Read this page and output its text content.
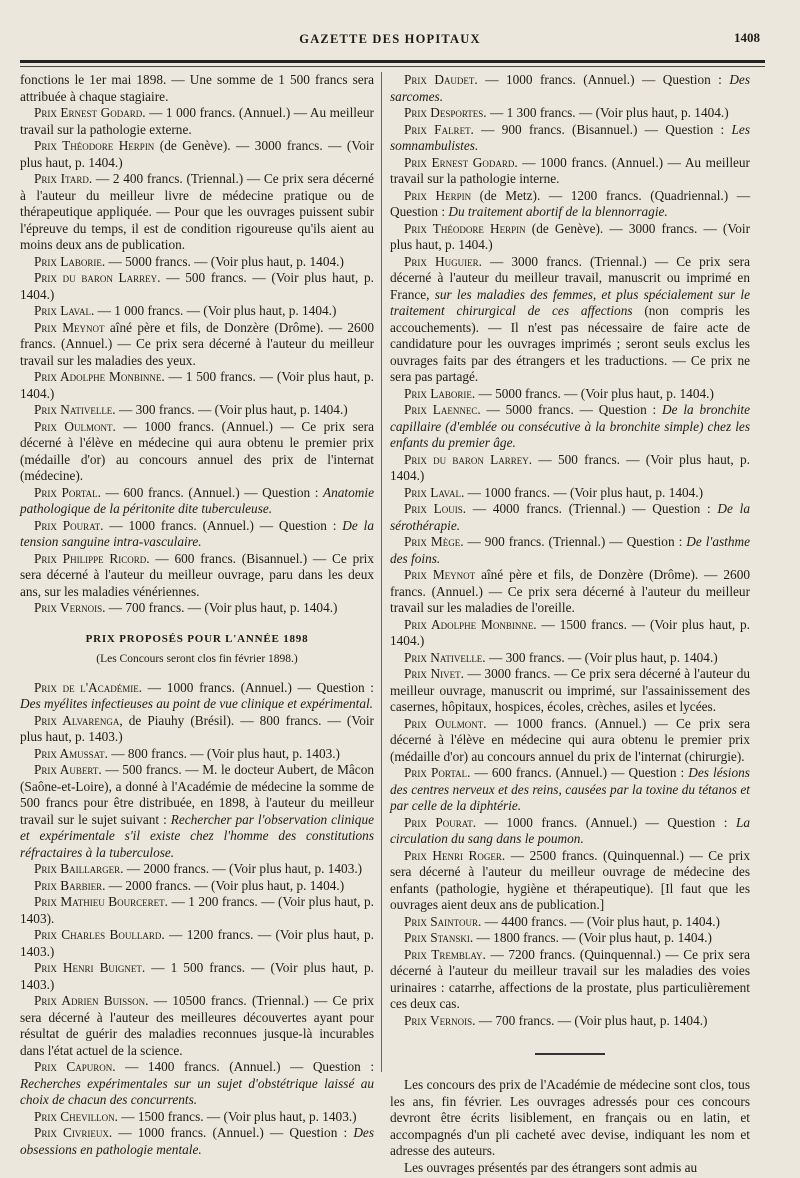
GAZETTE DES HOPITAUX	1408

fonctions le 1er mai 1898. — Une somme de 1 500 francs sera attribuée à chaque stagiaire.

Prix Ernest Godard. — 1 000 francs. (Annuel.) — Au meilleur travail sur la pathologie externe.

Prix Théodore Herpin (de Genève). — 3000 francs. — (Voir plus haut, p. 1404.)

Prix Itard. — 2 400 francs. (Triennal.) — Ce prix sera décerné à l'auteur du meilleur livre de médecine pratique ou de thérapeutique appliquée. — Pour que les ouvrages puissent subir l'épreuve du temps, il est de condition rigoureuse qu'ils aient au moins deux ans de publication.

Prix Laborie. — 5000 francs. — (Voir plus haut, p. 1404.)

Prix du baron Larrey. — 500 francs. — (Voir plus haut, p. 1404.)

Prix Laval. — 1 000 francs. — (Voir plus haut, p. 1404.)

Prix Meynot aîné père et fils, de Donzère (Drôme). — 2600 francs. (Annuel.) — Ce prix sera décerné à l'auteur du meilleur travail sur les maladies des yeux.

Prix Adolphe Monbinne. — 1 500 francs. — (Voir plus haut, p. 1404.)

Prix Nativelle. — 300 francs. — (Voir plus haut, p. 1404.)

Prix Oulmont. — 1000 francs. (Annuel.) — Ce prix sera décerné à l'élève en médecine qui aura obtenu le premier prix (médaille d'or) au concours annuel des prix de l'internat (médecine).

Prix Portal. — 600 francs. (Annuel.) — Question : Anatomie pathologique de la péritonite dite tuberculeuse.

Prix Pourat. — 1000 francs. (Annuel.) — Question : De la tension sanguine intra-vasculaire.

Prix Philippe Ricord. — 600 francs. (Bisannuel.) — Ce prix sera décerné à l'auteur du meilleur ouvrage, paru dans les deux ans, sur les maladies vénériennes.

Prix Vernois. — 700 francs. — (Voir plus haut, p. 1404.)

PRIX PROPOSÉS POUR L'ANNÉE 1898

(Les Concours seront clos fin février 1898.)

Prix de l'Académie. — 1000 francs. (Annuel.) — Question : Des myélites infectieuses au point de vue clinique et expérimental.

Prix Alvarenga, de Piauhy (Brésil). — 800 francs. — (Voir plus haut, p. 1403.)

Prix Amussat. — 800 francs. — (Voir plus haut, p. 1403.)

Prix Aubert. — 500 francs. — M. le docteur Aubert, de Mâcon (Saône-et-Loire), a donné à l'Académie de médecine la somme de 500 francs pour être distribuée, en 1898, à l'auteur du meilleur travail sur le sujet suivant : Rechercher par l'observation clinique et expérimentale s'il existe chez l'homme des constitutions réfractaires à la tuberculose.

Prix Baillarger. — 2000 francs. — (Voir plus haut, p. 1403.)

Prix Barbier. — 2000 francs. — (Voir plus haut, p. 1404.)

Prix Mathieu Bourceret. — 1 200 francs. — (Voir plus haut, p. 1403).

Prix Charles Boullard. — 1200 francs. — (Voir plus haut, p. 1403.)

Prix Henri Buignet. — 1 500 francs. — (Voir plus haut, p. 1403.)

Prix Adrien Buisson. — 10500 francs. (Triennal.) — Ce prix sera décerné à l'auteur des meilleures découvertes ayant pour résultat de guérir des maladies reconnues jusque-là incurables dans l'état actuel de la science.

Prix Capuron. — 1400 francs. (Annuel.) — Question : Recherches expérimentales sur un sujet d'obstétrique laissé au choix de chacun des concurrents.

Prix Chevillon. — 1500 francs. — (Voir plus haut, p. 1403.)

Prix Civrieux. — 1000 francs. (Annuel.) — Question : Des obsessions en pathologie mentale.

Prix Daudet. — 1000 francs. (Annuel.) — Question : Des sarcomes.

Prix Desportes. — 1 300 francs. — (Voir plus haut, p. 1404.)

Prix Falret. — 900 francs. (Bisannuel.) — Question : Les somnambulistes.

Prix Ernest Godard. — 1000 francs. (Annuel.) — Au meilleur travail sur la pathologie interne.

Prix Herpin (de Metz). — 1200 francs. (Quadriennal.) — Question : Du traitement abortif de la blennorragie.

Prix Théodore Herpin (de Genève). — 3000 francs. — (Voir plus haut, p. 1404.)

Prix Huguier. — 3000 francs. (Triennal.) — Ce prix sera décerné à l'auteur du meilleur travail, manuscrit ou imprimé en France, sur les maladies des femmes, et plus spécialement sur le traitement chirurgical de ces affections (non compris les accouchements). — Il n'est pas nécessaire de faire acte de candidature pour les ouvrages imprimés ; seront seuls exclus les ouvrages faits par des étrangers et les traductions. — Ce prix ne sera pas partagé.

Prix Laborie. — 5000 francs. — (Voir plus haut, p. 1404.)

Prix Laennec. — 5000 francs. — Question : De la bronchite capillaire (d'emblée ou consécutive à la bronchite simple) chez les enfants du premier âge.

Prix du baron Larrey. — 500 francs. — (Voir plus haut, p. 1404.)

Prix Laval. — 1000 francs. — (Voir plus haut, p. 1404.)

Prix Louis. — 4000 francs. (Triennal.) — Question : De la sérothérapie.

Prix Mège. — 900 francs. (Triennal.) — Question : De l'asthme des foins.

Prix Meynot aîné père et fils, de Donzère (Drôme). — 2600 francs. (Annuel.) — Ce prix sera décerné à l'auteur du meilleur travail sur les maladies de l'oreille.

Prix Adolphe Monbinne. — 1500 francs. — (Voir plus haut, p. 1404.)

Prix Nativelle. — 300 francs. — (Voir plus haut, p. 1404.)

Prix Nivet. — 3000 francs. — Ce prix sera décerné à l'auteur du meilleur ouvrage, manuscrit ou imprimé, sur l'assainissement des casernes, hôpitaux, hospices, écoles, crèches, asiles et lycées.

Prix Oulmont. — 1000 francs. (Annuel.) — Ce prix sera décerné à l'élève en médecine qui aura obtenu le premier prix (médaille d'or) au concours annuel du prix de l'internat (chirurgie).

Prix Portal. — 600 francs. (Annuel.) — Question : Des lésions des centres nerveux et des reins, causées par la toxine du tétanos et par celle de la diphtérie.

Prix Pourat. — 1000 francs. (Annuel.) — Question : La circulation du sang dans le poumon.

Prix Henri Roger. — 2500 francs. (Quinquennal.) — Ce prix sera décerné à l'auteur du meilleur ouvrage de médecine des enfants (pathologie, hygiène et thérapeutique). [Il faut que les ouvrages aient deux ans de publication.]

Prix Saintour. — 4400 francs. — (Voir plus haut, p. 1404.)

Prix Stanski. — 1800 francs. — (Voir plus haut, p. 1404.)

Prix Tremblay. — 7200 francs. (Quinquennal.) — Ce prix sera décerné à l'auteur du meilleur travail sur les maladies des voies urinaires : catarrhe, affections de la prostate, plus particulièrement ces deux cas.

Prix Vernois. — 700 francs. — (Voir plus haut, p. 1404.)

Les concours des prix de l'Académie de médecine sont clos, tous les ans, fin février. Les ouvrages adressés pour ces concours devront être écrits lisiblement, en français ou en latin, et accompagnés d'un pli cacheté avec devise, indiquant les nom et adresse des auteurs.

Les ouvrages présentés par des étrangers sont admis au
